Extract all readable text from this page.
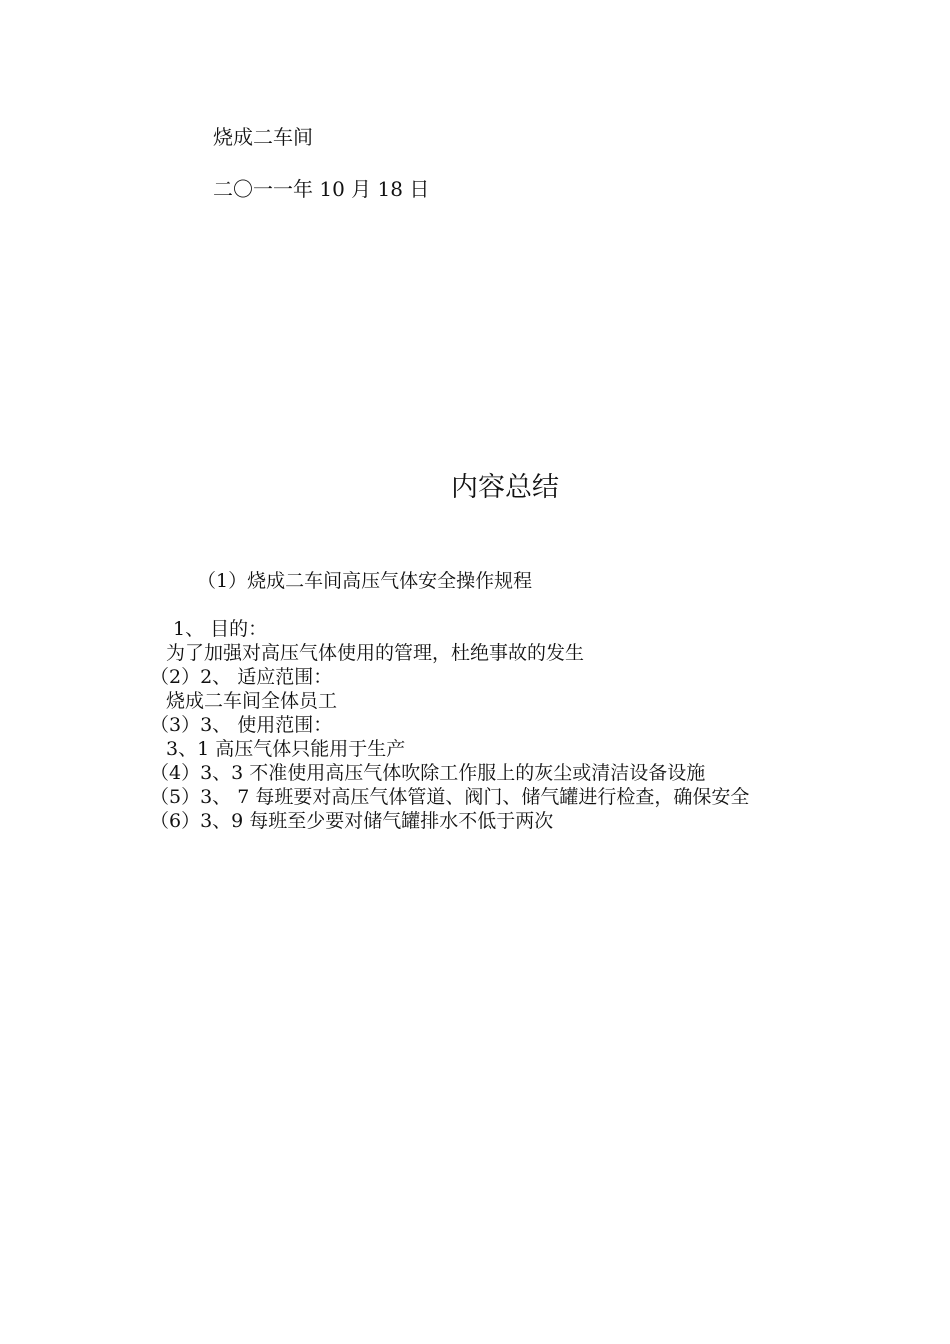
烧成二车间
二〇一一年 10 月 18 日
内容总结
（1）烧成二车间高压气体安全操作规程
1、 目的：
为了加强对高压气体使用的管理，杜绝事故的发生
（2）2、 适应范围：
烧成二车间全体员工
（3）3、 使用范围：
3、1 高压气体只能用于生产
（4）3、3 不准使用高压气体吹除工作服上的灰尘或清洁设备设施
（5）3、 7 每班要对高压气体管道、阀门、储气罐进行检查，确保安全
（6）3、9 每班至少要对储气罐排水不低于两次
